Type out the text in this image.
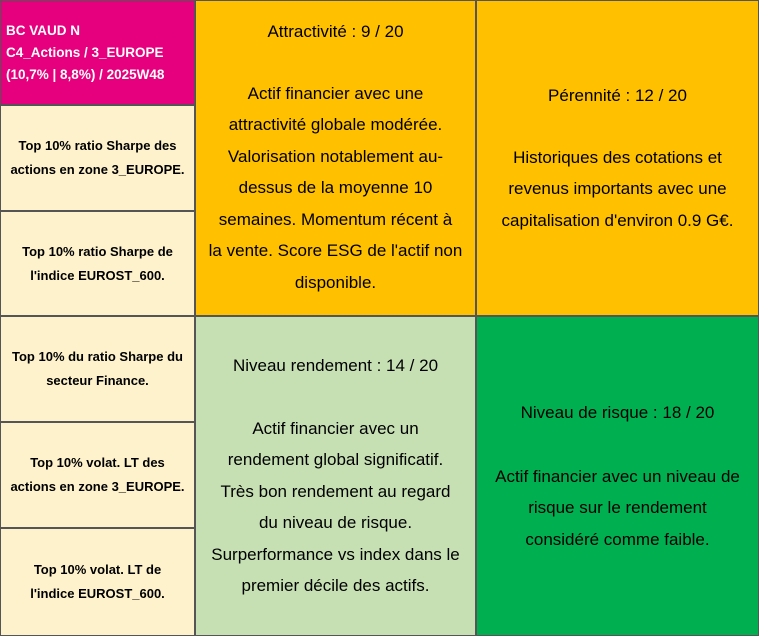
BC VAUD N
C4_Actions / 3_EUROPE
(10,7% | 8,8%) / 2025W48
Top 10% ratio Sharpe des
actions en zone 3_EUROPE.
Top 10% ratio Sharpe de
l'indice EUROST_600.
Top 10% du ratio Sharpe du
secteur Finance.
Top 10% volat. LT des
actions en zone 3_EUROPE.
Top 10% volat. LT de
l'indice EUROST_600.
Attractivité : 9 / 20
Actif financier avec une
attractivité globale modérée.
Valorisation notablement au-
dessus de la moyenne 10
semaines. Momentum récent à
la vente. Score ESG de l'actif non
disponible.
Pérennité : 12 / 20
Historiques des cotations et
revenus importants avec une
capitalisation d'environ 0.9 G€.
Niveau rendement : 14 / 20
Actif financier avec un
rendement global significatif.
Très bon rendement au regard
du niveau de risque.
Surperformance vs index dans le
premier décile des actifs.
Niveau de risque : 18 / 20
Actif financier avec un niveau de
risque sur le rendement
considéré comme faible.
